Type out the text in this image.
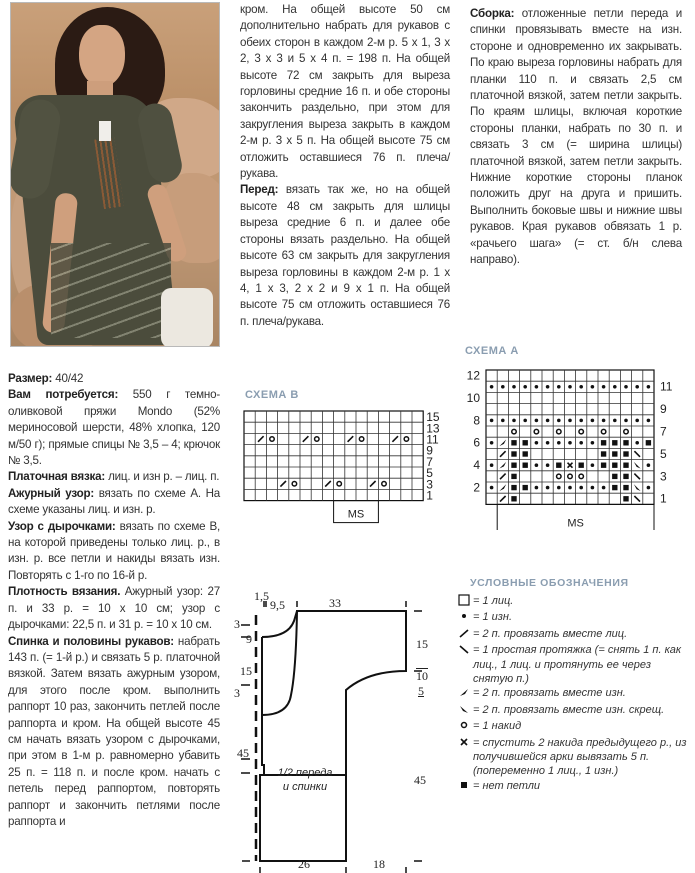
Размер: 40/42

Вам потребуется: 550 г темно-оливковой пряжи Mondo (52% мериносовой шерсти, 48% хлопка, 120 м/50 г); прямые спицы № 3,5 – 4; крючок № 3,5.

Платочная вязка: лиц. и изн р. – лиц. п.

Ажурный узор: вязать по схеме А. На схеме указаны лиц. и изн. р.

Узор с дырочками: вязать по схеме В, на которой приведены только лиц. р., в изн. р. все петли и накиды вязать изн. Повторять с 1-го по 16-й р.

Плотность вязания. Ажурный узор: 27 п. и 33 р. = 10 х 10 см; узор с дырочками: 22,5 п. и 31 р. = 10 х 10 см.

Спинка и половины рукавов: набрать 143 п. (= 1-й р.) и связать 5 р. платочной вязкой. Затем вязать ажурным узором, для этого после кром. выполнить раппорт 10 раз, закончить петлей после раппорта и кром. На общей высоте 45 см начать вязать узором с дырочками, при этом в 1-м р. равномерно убавить 25 п. = 118 п. и после кром. начать с петель перед раппортом, повторять раппорт и закончить петлями после раппорта и

кром. На общей высоте 50 см дополнительно набрать для рукавов с обеих сторон в каждом 2-м р. 5 х 1, 3 х 2, 3 х 3 и 5 х 4 п. = 198 п. На общей высоте 72 см закрыть для выреза горловины средние 16 п. и обе стороны закончить раздельно, при этом для закругления выреза закрыть в каждом 2-м р. 3 х 5 п. На общей высоте 75 см отложить оставшиеся 76 п. плеча/рукава.

Перед: вязать так же, но на общей высоте 48 см закрыть для шлицы выреза средние 6 п. и далее обе стороны вязать раздельно. На общей высоте 63 см закрыть для закругления выреза горловины в каждом 2-м р. 1 х 4, 1 х 3, 2 х 2 и 9 х 1 п. На общей высоте 75 см отложить оставшиеся 76 п. плеча/рукава.

Сборка: отложенные петли переда и спинки провязывать вместе на изн. стороне и одновременно их закрывать. По краю выреза горловины набрать для планки 110 п. и связать 2,5 см платочной вязкой, затем петли закрыть. По краям шлицы, включая короткие стороны планки, набрать по 30 п. и связать 3 см (= ширина шлицы) платочной вязкой, затем петли закрыть. Нижние короткие стороны планок положить друг на друга и пришить. Выполнить боковые швы и нижние швы рукавов. Края рукавов обвязать 1 р. «рачьего шага» (= ст. б/н слева направо).

СХЕМА В
15
13
11
9
7
5
3
1
MS
СХЕМА А
12
10
8
6
4
2
11
9
7
5
3
1
MS
1,5
9,5	33
3
9
15
3
45
15
10
5
45
26	18
1/2 переда
и спинки
УСЛОВНЫЕ ОБОЗНАЧЕНИЯ
= 1 лиц.
= 1 изн.
= 2 п. провязать вместе лиц.
= 1 простая протяжка (= снять 1 п. как лиц., 1 лиц. и протянуть ее через снятую п.)
= 2 п. провязать вместе изн.
= 2 п. провязать вместе изн. скрещ.
= 1 накид
= спустить 2 накида предыдущего р., из получившейся арки вывязать 5 п. (попеременно 1 лиц., 1 изн.)
= нет петли
